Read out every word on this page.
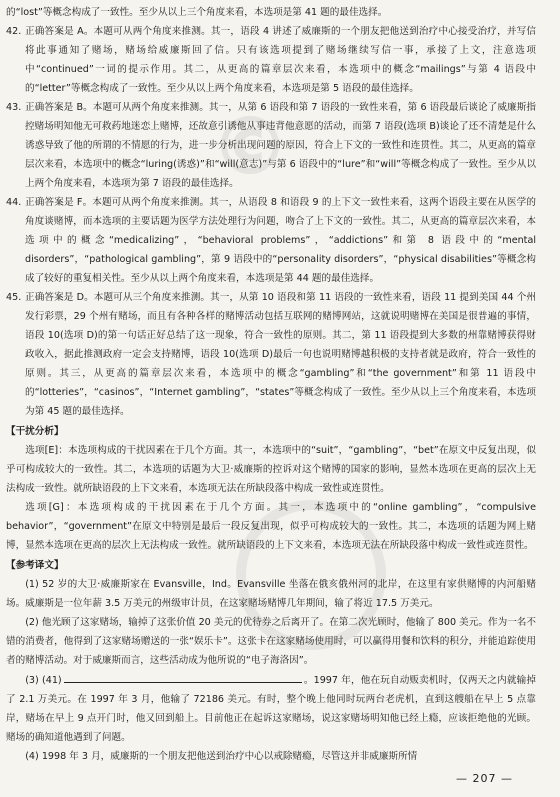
©

的“lost”等概念构成了一致性。至少从以上三个角度来看，本选项是第 41 题的最佳选择。

42. 正确答案是 A。本题可从两个角度来推测。其一，语段 4 讲述了威廉斯的一个朋友把他送到治疗中心接受治疗，并写信将此事通知了赌场，赌场给威廉斯回了信。只有该选项提到了赌场继续写信一事，承接了上文，注意选项中“continued”一词的提示作用。其二，从更高的篇章层次来看，本选项中的概念“mailings”与第 4 语段中的“letter”等概念构成了一致性。至少从以上两个角度来看，本选项是第 5 语段的最佳选择。

43. 正确答案是 B。本题可从两个角度来推测。其一，从第 6 语段和第 7 语段的一致性来看，第 6 语段最后谈论了威廉斯指控赌场明知他无可救药地迷恋上赌博，还故意引诱他从事违背他意愿的活动，而第 7 语段(选项 B)谈论了还不清楚是什么诱惑导致了他的所谓的不情愿的行为，进一步分析出现问题的原因，符合上下文的一致性和连贯性。其二，从更高的篇章层次来看，本选项中的概念“luring(诱惑)”和“will(意志)”与第 6 语段中的“lure”和“will”等概念构成了一致性。至少从以上两个角度来看，本选项为第 7 语段的最佳选择。

44. 正确答案是 F。本题可从两个角度来推测。其一，从语段 8 和语段 9 的上下文一致性来看，这两个语段主要在从医学的角度谈赌博，而本选项的主要话题为医学方法处理行为问题，吻合了上下文的一致性。其二，从更高的篇章层次来看，本选项中的概念“medicalizing”，“behavioral problems”，“addictions”和第 8 语段中的“mental disorders”，“pathological gambling”，第 9 语段中的“personality disorders”，“physical disabilities”等概念构成了较好的重复相关性。至少从以上两个角度来看，本选项是第 44 题的最佳选择。

45. 正确答案是 D。本题可从三个角度来推测。其一，从第 10 语段和第 11 语段的一致性来看，语段 11 提到美国 44 个州发行彩票，29 个州有赌场，而且有各种各样的赌博活动包括互联网的赌博网站，这就说明赌博在美国是很普遍的事情，语段 10(选项 D)的第一句话正好总结了这一现象，符合一致性的原则。其二，第 11 语段提到大多数的州靠赌博获得财政收入，据此推测政府一定会支持赌博，语段 10(选项 D)最后一句也说明赌博越积极的支持者就是政府，符合一致性的原则。其三，从更高的篇章层次来看，本选项中的概念“gambling”和“the government”和第 11 语段中的“lotteries”，“casinos”，“Internet gambling”，“states”等概念构成了一致性。至少从以上三个角度来看，本选项为第 45 题的最佳选择。

【干扰分析】

选项[E]：本选项构成的干扰因素在于几个方面。其一，本选项中的“suit”，“gambling”，“bet”在原文中反复出现，似乎可构成较大的一致性。其二，本选项的话题为大卫·威廉斯的控诉对这个赌博的国家的影响，显然本选项在更高的层次上无法构成一致性。就所缺语段的上下文来看，本选项无法在所缺段落中构成一致性或连贯性。

选项[G]：本选项构成的干扰因素在于几个方面。其一，本选项中的“online gambling”，“compulsive behavior”，“government”在原文中特别是最后一段反复出现，似乎可构成较大的一致性。其二，本选项的话题为网上赌博，显然本选项在更高的层次上无法构成一致性。就所缺语段的上下文来看，本选项无法在所缺段落中构成一致性或连贯性。

【参考译文】

(1) 52 岁的大卫·威廉斯家在 Evansville，Ind。Evansville 坐落在俄亥俄州河的北岸，在这里有家供赌博的内河船赌场。威廉斯是一位年薪 3.5 万美元的州级审计员，在这家赌场赌博几年期间，输了将近 17.5 万美元。

(2) 他光顾了这家赌场，输掉了这张价值 20 美元的优待券之后离开了。在第二次光顾时，他输了 800 美元。作为一名不错的消费者，他得到了这家赌场赠送的一张“娱乐卡”。这张卡在这家赌场使用时，可以赢得用餐和饮料的积分，并能追踪使用者的赌博活动。对于威廉斯而言，这些活动成为他所说的“电子海洛因”。

(3) (41)	。1997 年，他在玩自动贩卖机时，仅两天之内就输掉了 2.1 万美元。在 1997 年 3 月，他输了 72186 美元。有时，整个晚上他同时玩两台老虎机，直到这艘船在早上 5 点靠岸，赌场在早上 9 点开门时，他又回到船上。目前他正在起诉这家赌场，说这家赌场明知他已经上瘾，应该拒绝他的光顾。赌场的确知道他遇到了问题。

(4) 1998 年 3 月，威廉斯的一个朋友把他送到治疗中心以戒除赌瘾，尽管这并非威廉斯所情

— 207 —
